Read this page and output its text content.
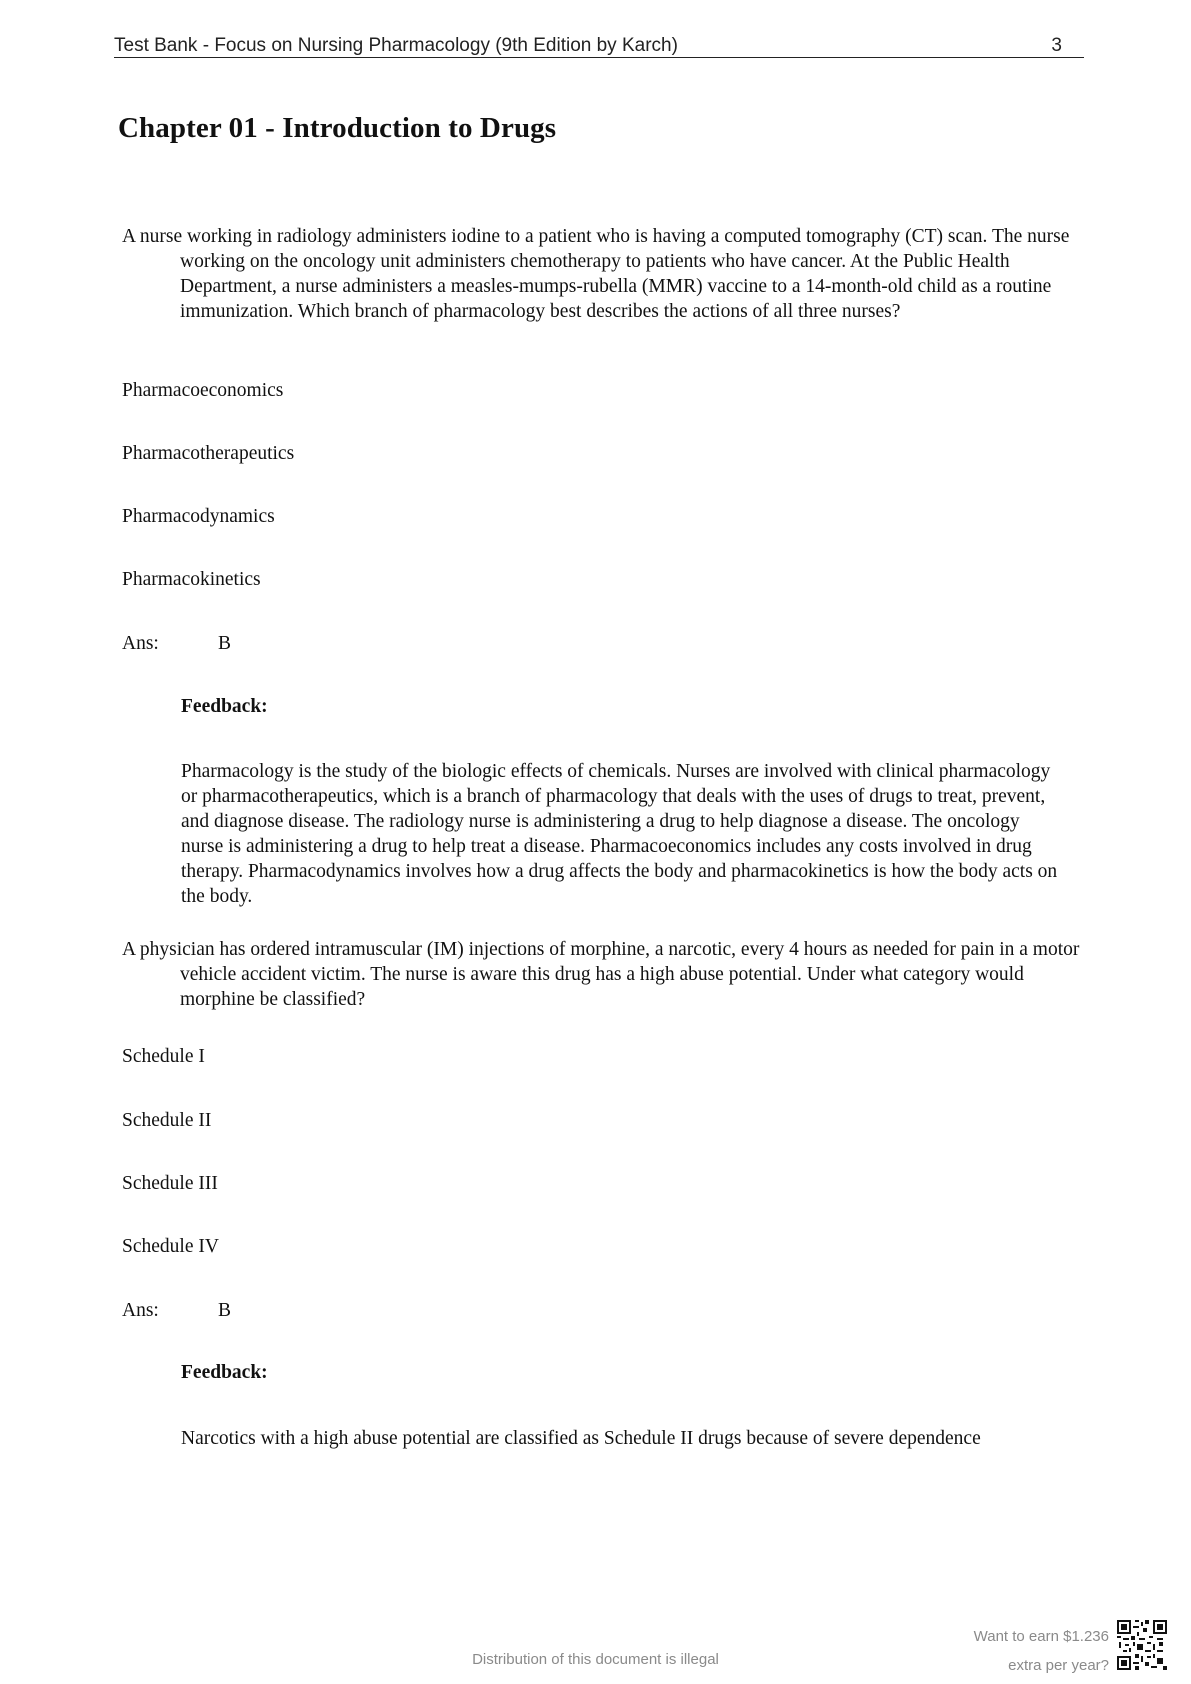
Test Bank - Focus on Nursing Pharmacology (9th Edition by Karch)	3
Chapter 01 - Introduction to Drugs
A nurse working in radiology administers iodine to a patient who is having a computed tomography (CT) scan. The nurse working on the oncology unit administers chemotherapy to patients who have cancer. At the Public Health Department, a nurse administers a measles-mumps-rubella (MMR) vaccine to a 14-month-old child as a routine immunization. Which branch of pharmacology best describes the actions of all three nurses?
Pharmacoeconomics
Pharmacotherapeutics
Pharmacodynamics
Pharmacokinetics
Ans:	B
Feedback:
Pharmacology is the study of the biologic effects of chemicals. Nurses are involved with clinical pharmacology or pharmacotherapeutics, which is a branch of pharmacology that deals with the uses of drugs to treat, prevent, and diagnose disease. The radiology nurse is administering a drug to help diagnose a disease. The oncology nurse is administering a drug to help treat a disease. Pharmacoeconomics includes any costs involved in drug therapy. Pharmacodynamics involves how a drug affects the body and pharmacokinetics is how the body acts on the body.
A physician has ordered intramuscular (IM) injections of morphine, a narcotic, every 4 hours as needed for pain in a motor vehicle accident victim. The nurse is aware this drug has a high abuse potential. Under what category would morphine be classified?
Schedule I
Schedule II
Schedule III
Schedule IV
Ans:	B
Feedback:
Narcotics with a high abuse potential are classified as Schedule II drugs because of severe dependence
Distribution of this document is illegal
Want to earn $1.236
extra per year?
